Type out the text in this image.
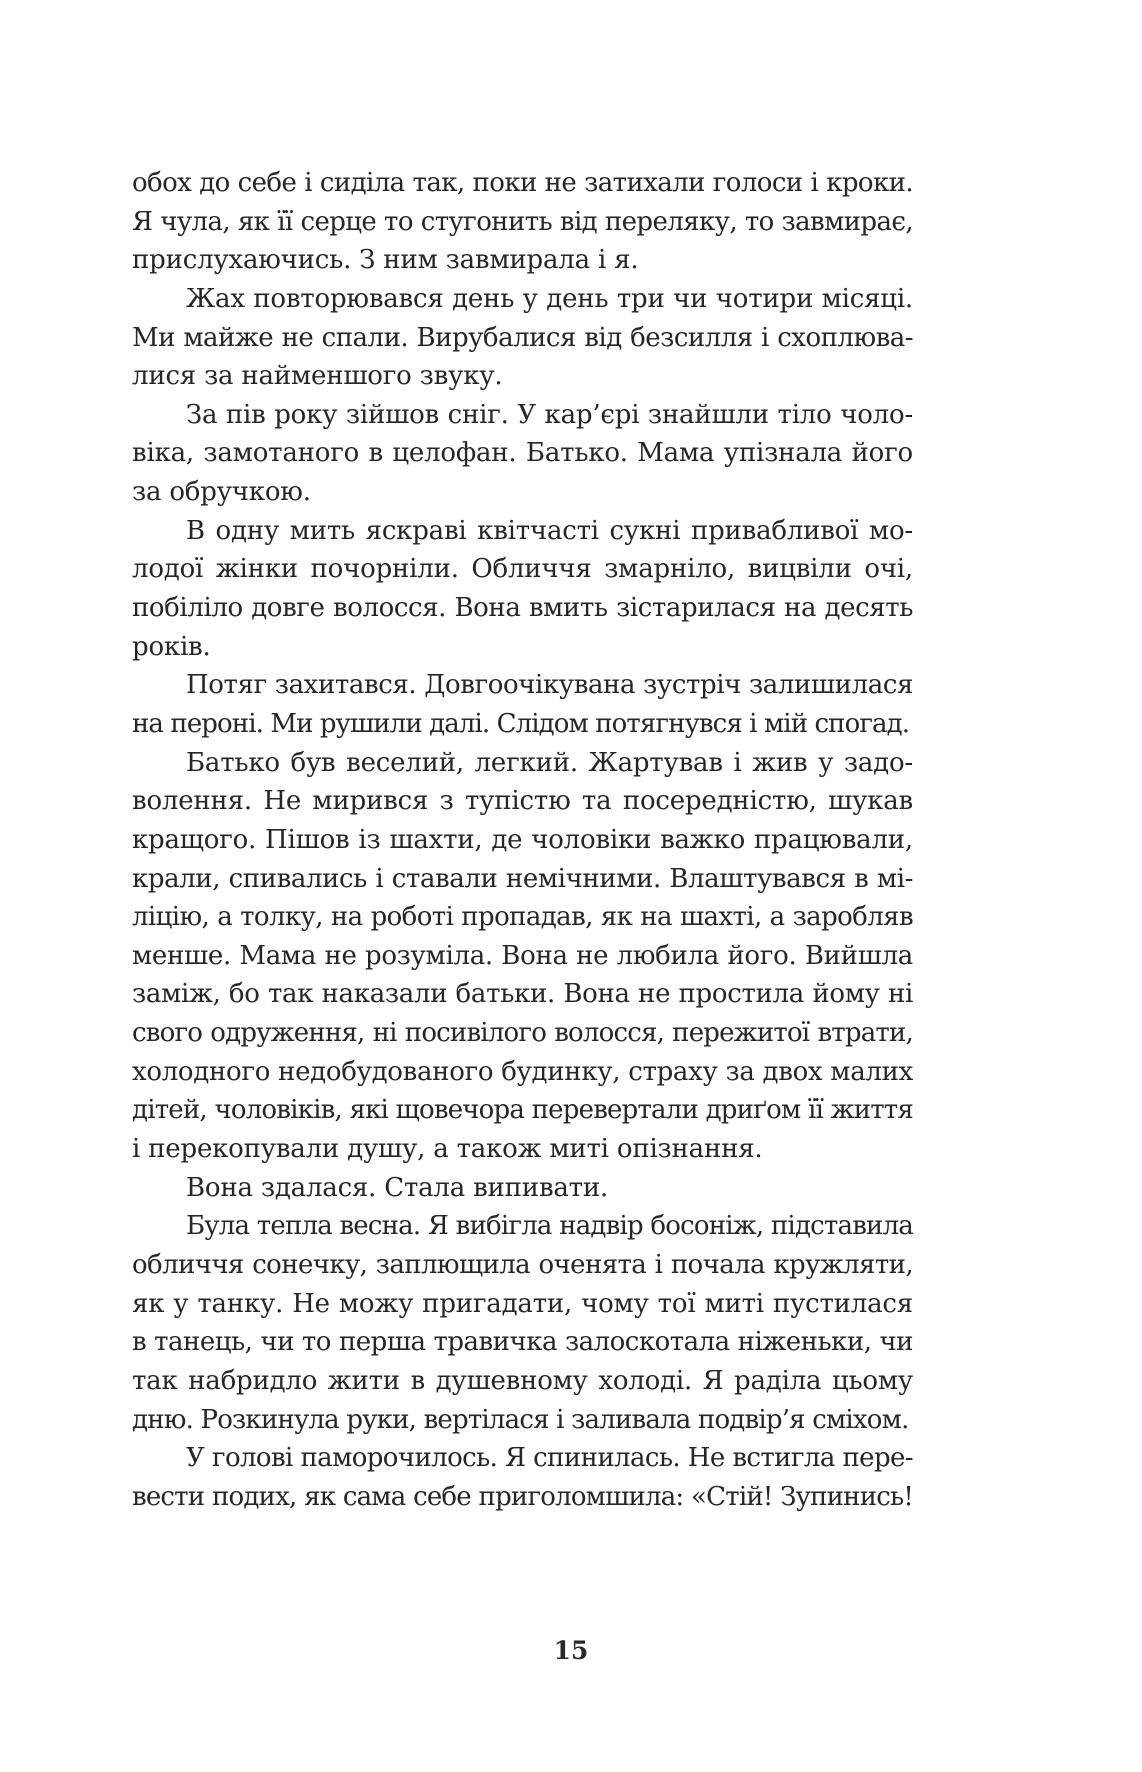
обох до себе і сиділа так, поки не затихали голоси і кроки.
Я чула, як її серце то стугонить від переляку, то завмирає,
прислухаючись. З ним завмирала і я.
Жах повторювався день у день три чи чотири місяці.
Ми майже не спали. Вирубалися від безсилля і схоплюва-
лися за найменшого звуку.
За пів року зійшов сніг. У кар’єрі знайшли тіло чоло-
віка, замотаного в целофан. Батько. Мама упізнала його
за обручкою.
В одну мить яскраві квітчасті сукні привабливої мо-
лодої жінки почорніли. Обличчя змарніло, вицвіли очі,
побіліло довге волосся. Вона вмить зістарилася на десять
років.
Потяг захитався. Довгоочікувана зустріч залишилася
на пероні. Ми рушили далі. Слідом потягнувся і мій спогад.
Батько був веселий, легкий. Жартував і жив у задо-
волення. Не мирився з тупістю та посередністю, шукав
кращого. Пішов із шахти, де чоловіки важко працювали,
крали, спивались і ставали немічними. Влаштувався в мі-
ліцію, а толку, на роботі пропадав, як на шахті, а заробляв
менше. Мама не розуміла. Вона не любила його. Вийшла
заміж, бо так наказали батьки. Вона не простила йому ні
свого одруження, ні посивілого волосся, пережитої втрати,
холодного недобудованого будинку, страху за двох малих
дітей, чоловіків, які щовечора перевертали дриґом її життя
і перекопували душу, а також миті опізнання.
Вона здалася. Стала випивати.
Була тепла весна. Я вибігла надвір босоніж, підставила
обличчя сонечку, заплющила оченята і почала кружляти,
як у танку. Не можу пригадати, чому тої миті пустилася
в танець, чи то перша травичка залоскотала ніженьки, чи
так набридло жити в душевному холоді. Я раділа цьому
дню. Розкинула руки, вертілася і заливала подвір’я сміхом.
У голові паморочилось. Я спинилась. Не встигла пере-
вести подих, як сама себе приголомшила: «Стій! Зупинись!
15
